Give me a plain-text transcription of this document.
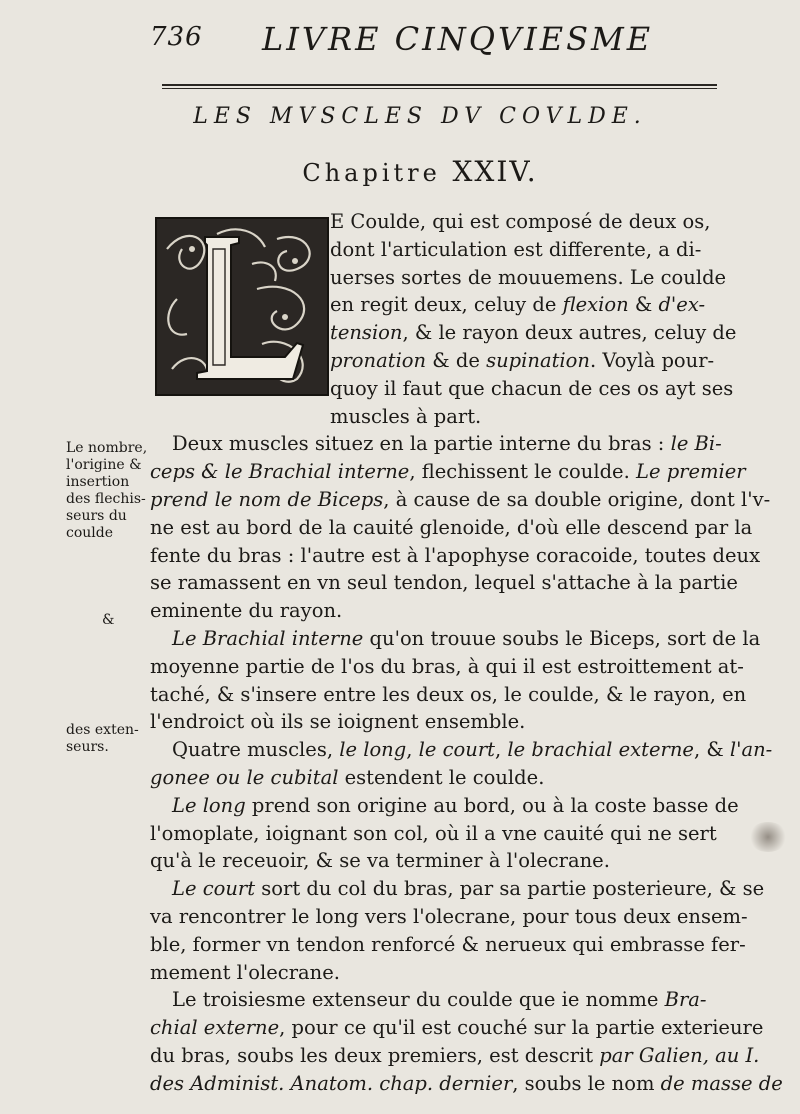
736 LIVRE CINQVIESME
LES MVSCLES DV COVLDE.
Chapitre XXIV.
Le nombre,
l'origine &
insertion
des flechis-
seurs du
coulde
&
des exten-
seurs.
E Coulde, qui est composé de deux os,
dont l'articulation est differente, a di-
uerses sortes de mouuemens. Le coulde
en regit deux, celuy de flexion & d'ex-
tension, & le rayon deux autres, celuy de
pronation & de supination. Voylà pour-
quoy il faut que chacun de ces os ayt ses
muscles à part.
Deux muscles situez en la partie interne du bras : le Bi-
ceps & le Brachial interne, flechissent le coulde. Le premier
prend le nom de Biceps, à cause de sa double origine, dont l'v-
ne est au bord de la cauité glenoide, d'où elle descend par la
fente du bras : l'autre est à l'apophyse coracoide, toutes deux
se ramassent en vn seul tendon, lequel s'attache à la partie
eminente du rayon.
Le Brachial interne qu'on trouue soubs le Biceps, sort de la
moyenne partie de l'os du bras, à qui il est estroittement at-
taché, & s'insere entre les deux os, le coulde, & le rayon, en
l'endroict où ils se ioignent ensemble.
Quatre muscles, le long, le court, le brachial externe, & l'an-
gonee ou le cubital estendent le coulde.
Le long prend son origine au bord, ou à la coste basse de
l'omoplate, ioignant son col, où il a vne cauité qui ne sert
qu'à le receuoir, & se va terminer à l'olecrane.
Le court sort du col du bras, par sa partie posterieure, & se
va rencontrer le long vers l'olecrane, pour tous deux ensem-
ble, former vn tendon renforcé & nerueux qui embrasse fer-
mement l'olecrane.
Le troisiesme extenseur du coulde que ie nomme Bra-
chial externe, pour ce qu'il est couché sur la partie exterieure
du bras, soubs les deux premiers, est descrit par Galien, au I.
des Administ. Anatom. chap. dernier, soubs le nom de masse de
